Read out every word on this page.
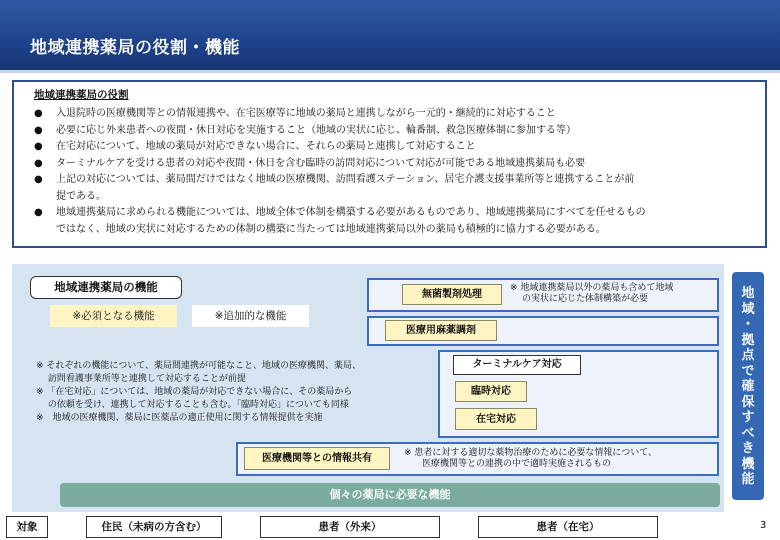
地域連携薬局の役割・機能
地域連携薬局の役割
● 入退院時の医療機関等との情報連携や、在宅医療等に地域の薬局と連携しながら一元的・継続的に対応すること
● 必要に応じ外来患者への夜間・休日対応を実施すること（地域の実状に応じ、輪番制、救急医療体制に参加する等）
● 在宅対応について、地域の薬局が対応できない場合に、それらの薬局と連携して対応すること
● ターミナルケアを受ける患者の対応や夜間・休日を含む臨時の訪問対応について対応が可能である地域連携薬局も必要
● 上記の対応については、薬局間だけではなく地域の医療機関、訪問看護ステーション、居宅介護支援事業所等と連携することが前
提である。
● 地域連携薬局に求められる機能については、地域全体で体制を構築する必要があるものであり、地域連携薬局にすべてを任せるもの
ではなく、地域の実状に対応するための体制の構築に当たっては地域連携薬局以外の薬局も積極的に協力する必要がある。
地域連携薬局の機能
※必須となる機能	※追加的な機能
無菌製剤処理
※ 地域連携薬局以外の薬局も含めて地域
の実状に応じた体制構築が必要
医療用麻薬調剤
ターミナルケア対応
臨時対応
在宅対応
※ それぞれの機能について、薬局間連携が可能なこと、地域の医療機関、薬局、
　 訪問看護事業所等と連携して対応することが前提
※ 「在宅対応」については、地域の薬局が対応できない場合に、その薬局から
　 の依頼を受け、連携して対応することも含む。「臨時対応」についても同様
※　地域の医療機関、薬局に医薬品の適正使用に関する情報提供を実施
医療機関等との情報共有	※ 患者に対する適切な薬物治療のために必要な情報について、
医療機関等との連携の中で適時実施されるもの
個々の薬局に必要な機能
地
域
・
拠
点
で
確
保
す
べ
き
機
能
対象	住民（未病の方含む）	患者（外来）	患者（在宅）	3
